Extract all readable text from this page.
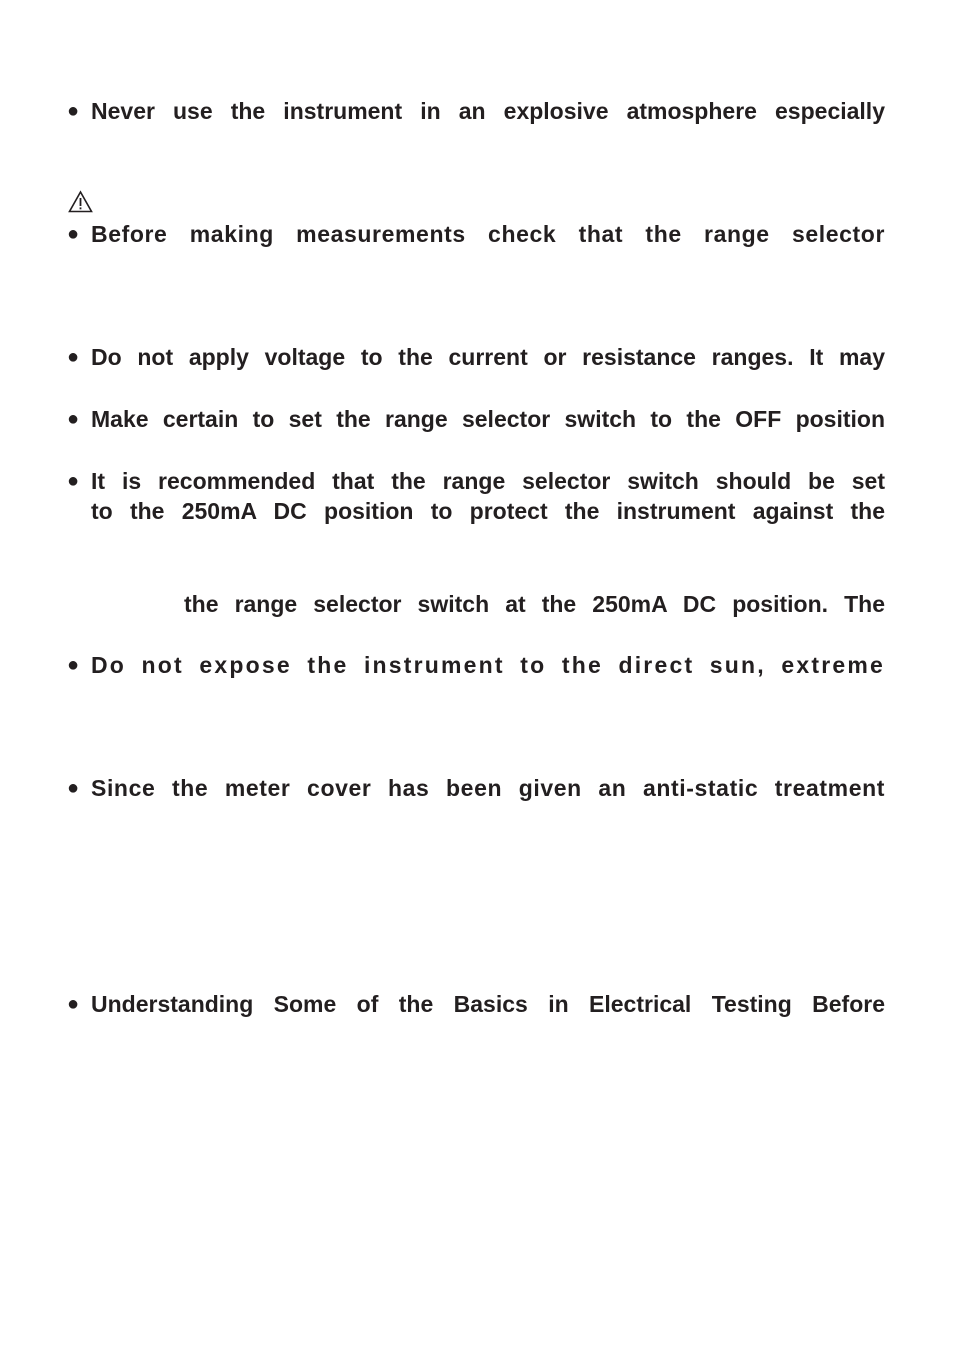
● Never use the instrument in an explosive atmosphere especially
● Before making measurements check that the range selector
● Do not apply voltage to the current or resistance ranges. It may
● Make certain to set the range selector switch to the OFF position
● It is recommended that the range selector switch should be set
to the 250mA DC position to protect the instrument against the
the range selector switch at the 250mA DC position. The
● Do not expose the instrument to the direct sun, extreme
● Since the meter cover has been given an anti-static treatment
● Understanding Some of the Basics in Electrical Testing Before
